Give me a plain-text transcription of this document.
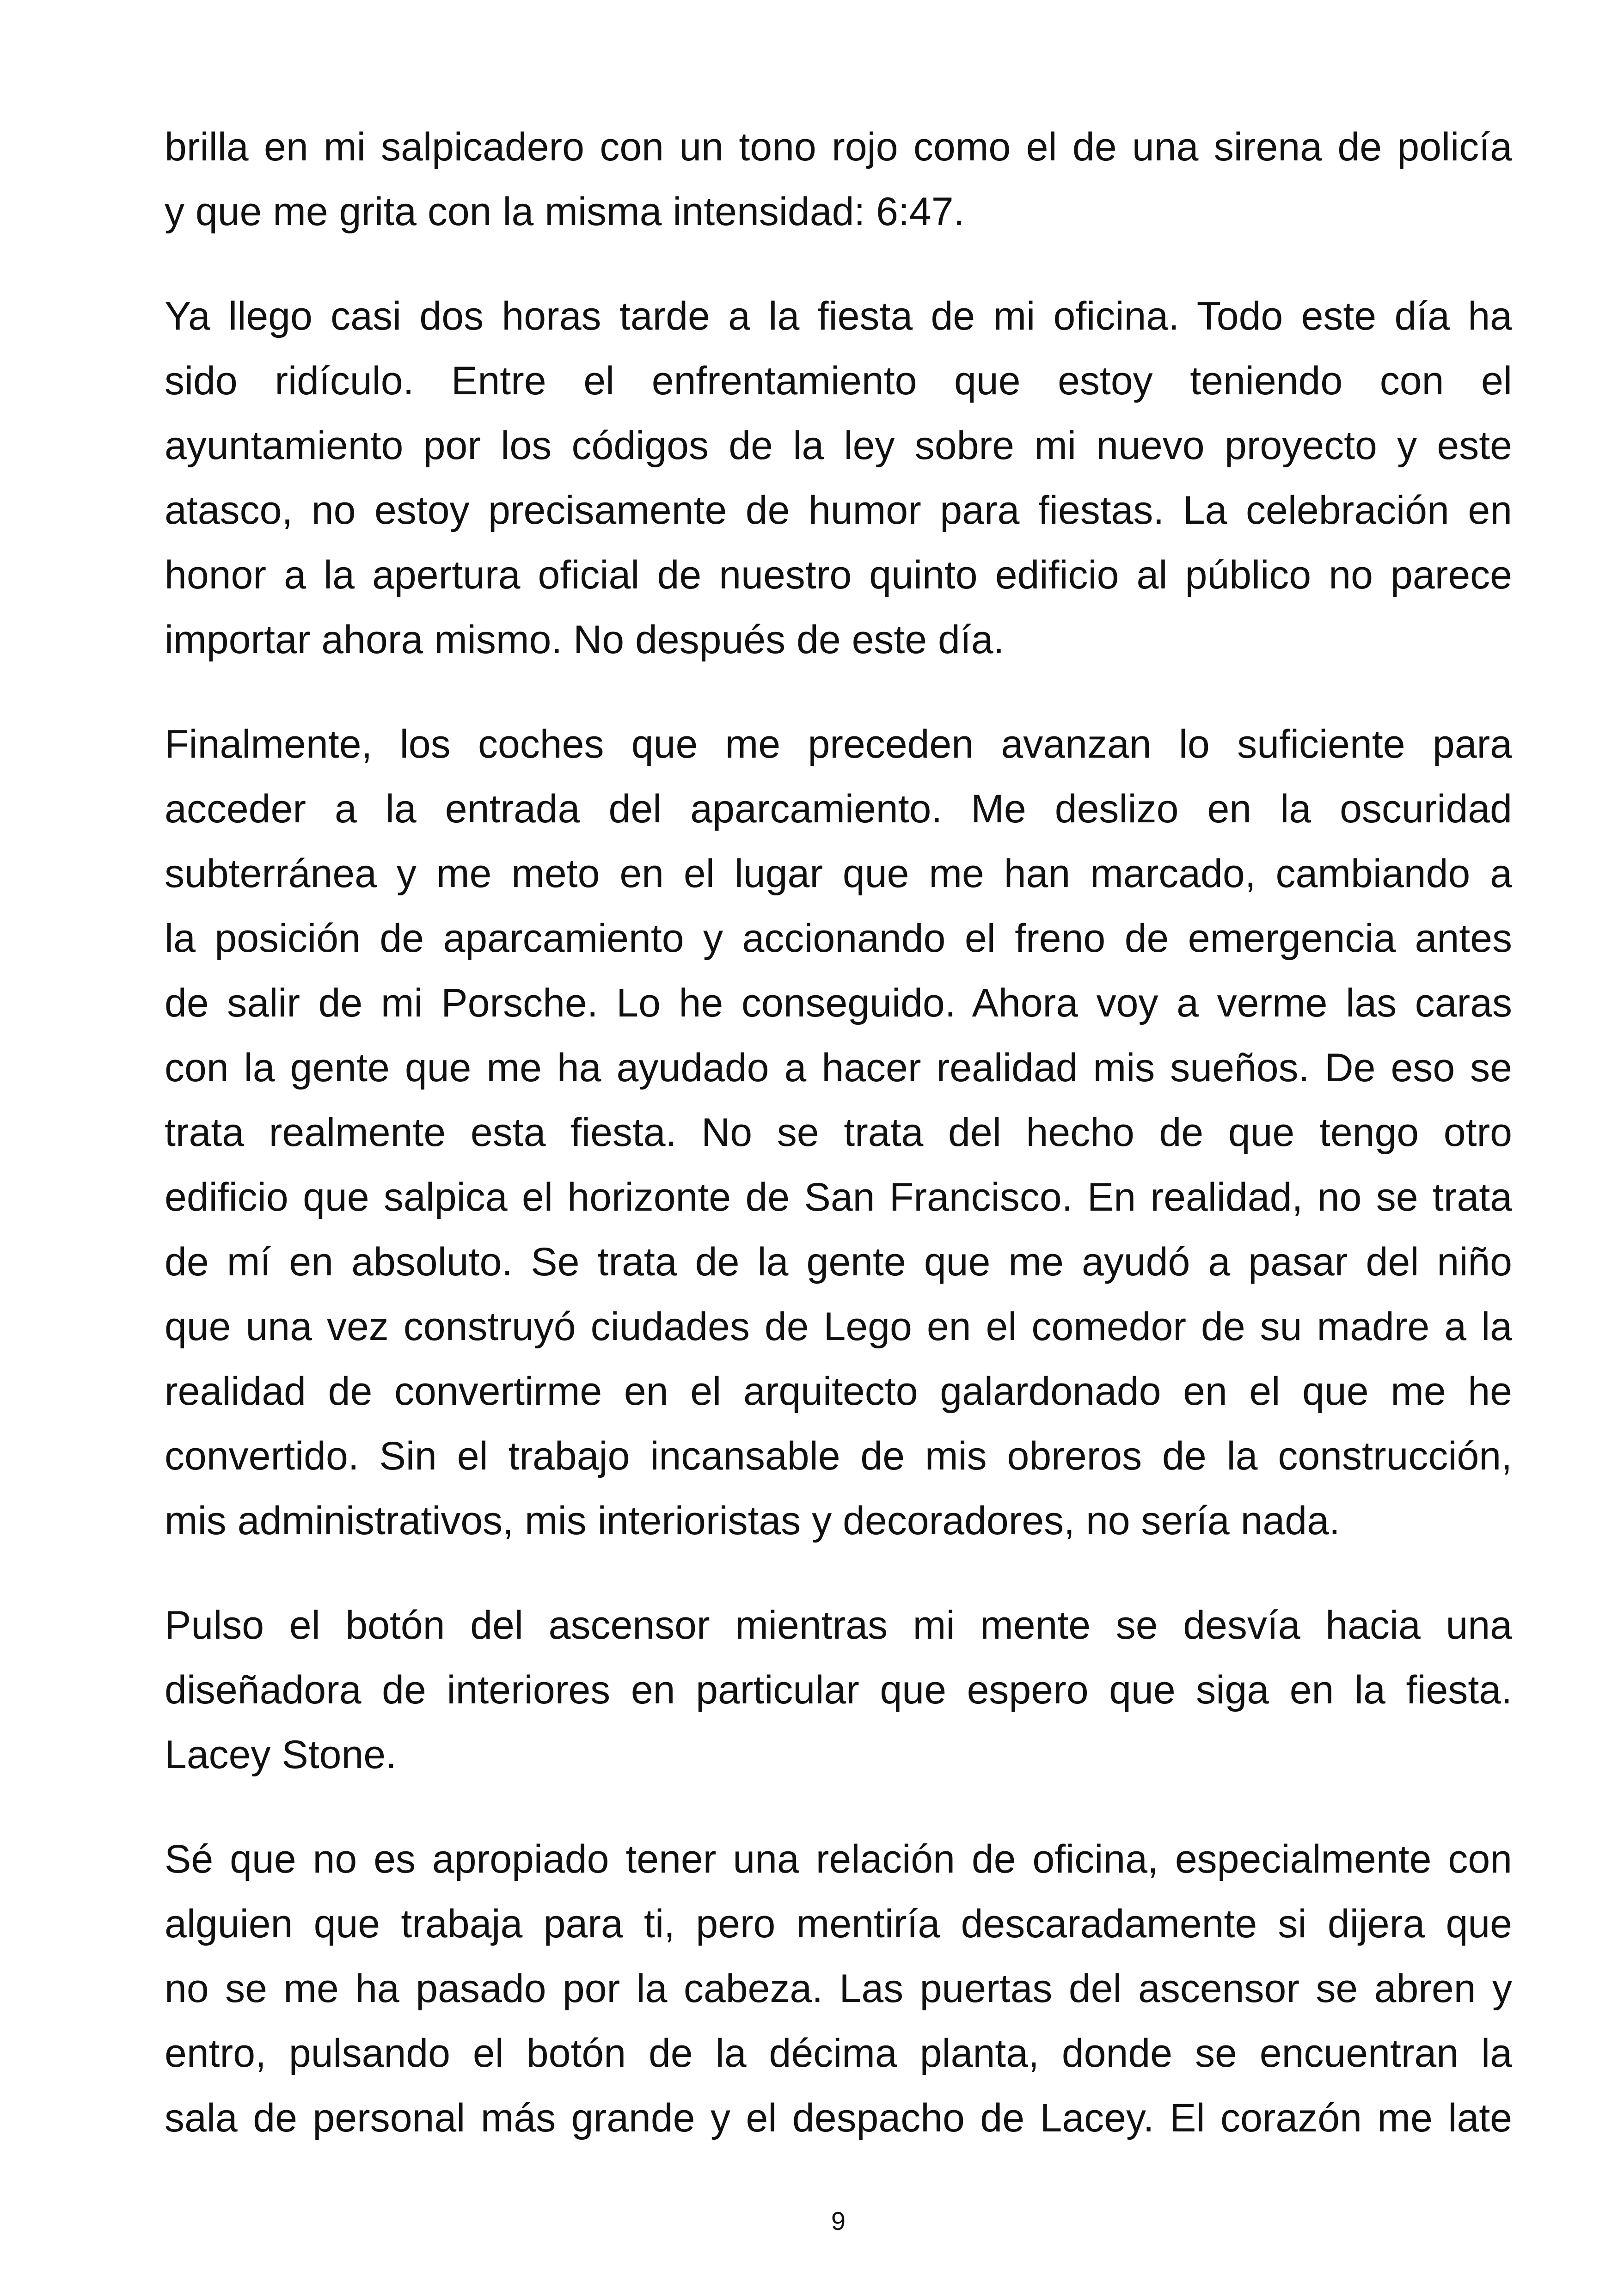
brilla en mi salpicadero con un tono rojo como el de una sirena de policía
y que me grita con la misma intensidad: 6:47.
Ya llego casi dos horas tarde a la fiesta de mi oficina. Todo este día ha
sido ridículo. Entre el enfrentamiento que estoy teniendo con el
ayuntamiento por los códigos de la ley sobre mi nuevo proyecto y este
atasco, no estoy precisamente de humor para fiestas. La celebración en
honor a la apertura oficial de nuestro quinto edificio al público no parece
importar ahora mismo. No después de este día.
Finalmente, los coches que me preceden avanzan lo suficiente para
acceder a la entrada del aparcamiento. Me deslizo en la oscuridad
subterránea y me meto en el lugar que me han marcado, cambiando a
la posición de aparcamiento y accionando el freno de emergencia antes
de salir de mi Porsche. Lo he conseguido. Ahora voy a verme las caras
con la gente que me ha ayudado a hacer realidad mis sueños. De eso se
trata realmente esta fiesta. No se trata del hecho de que tengo otro
edificio que salpica el horizonte de San Francisco. En realidad, no se trata
de mí en absoluto. Se trata de la gente que me ayudó a pasar del niño
que una vez construyó ciudades de Lego en el comedor de su madre a la
realidad de convertirme en el arquitecto galardonado en el que me he
convertido. Sin el trabajo incansable de mis obreros de la construcción,
mis administrativos, mis interioristas y decoradores, no sería nada.
Pulso el botón del ascensor mientras mi mente se desvía hacia una
diseñadora de interiores en particular que espero que siga en la fiesta.
Lacey Stone.
Sé que no es apropiado tener una relación de oficina, especialmente con
alguien que trabaja para ti, pero mentiría descaradamente si dijera que
no se me ha pasado por la cabeza. Las puertas del ascensor se abren y
entro, pulsando el botón de la décima planta, donde se encuentran la
sala de personal más grande y el despacho de Lacey. El corazón me late
9
